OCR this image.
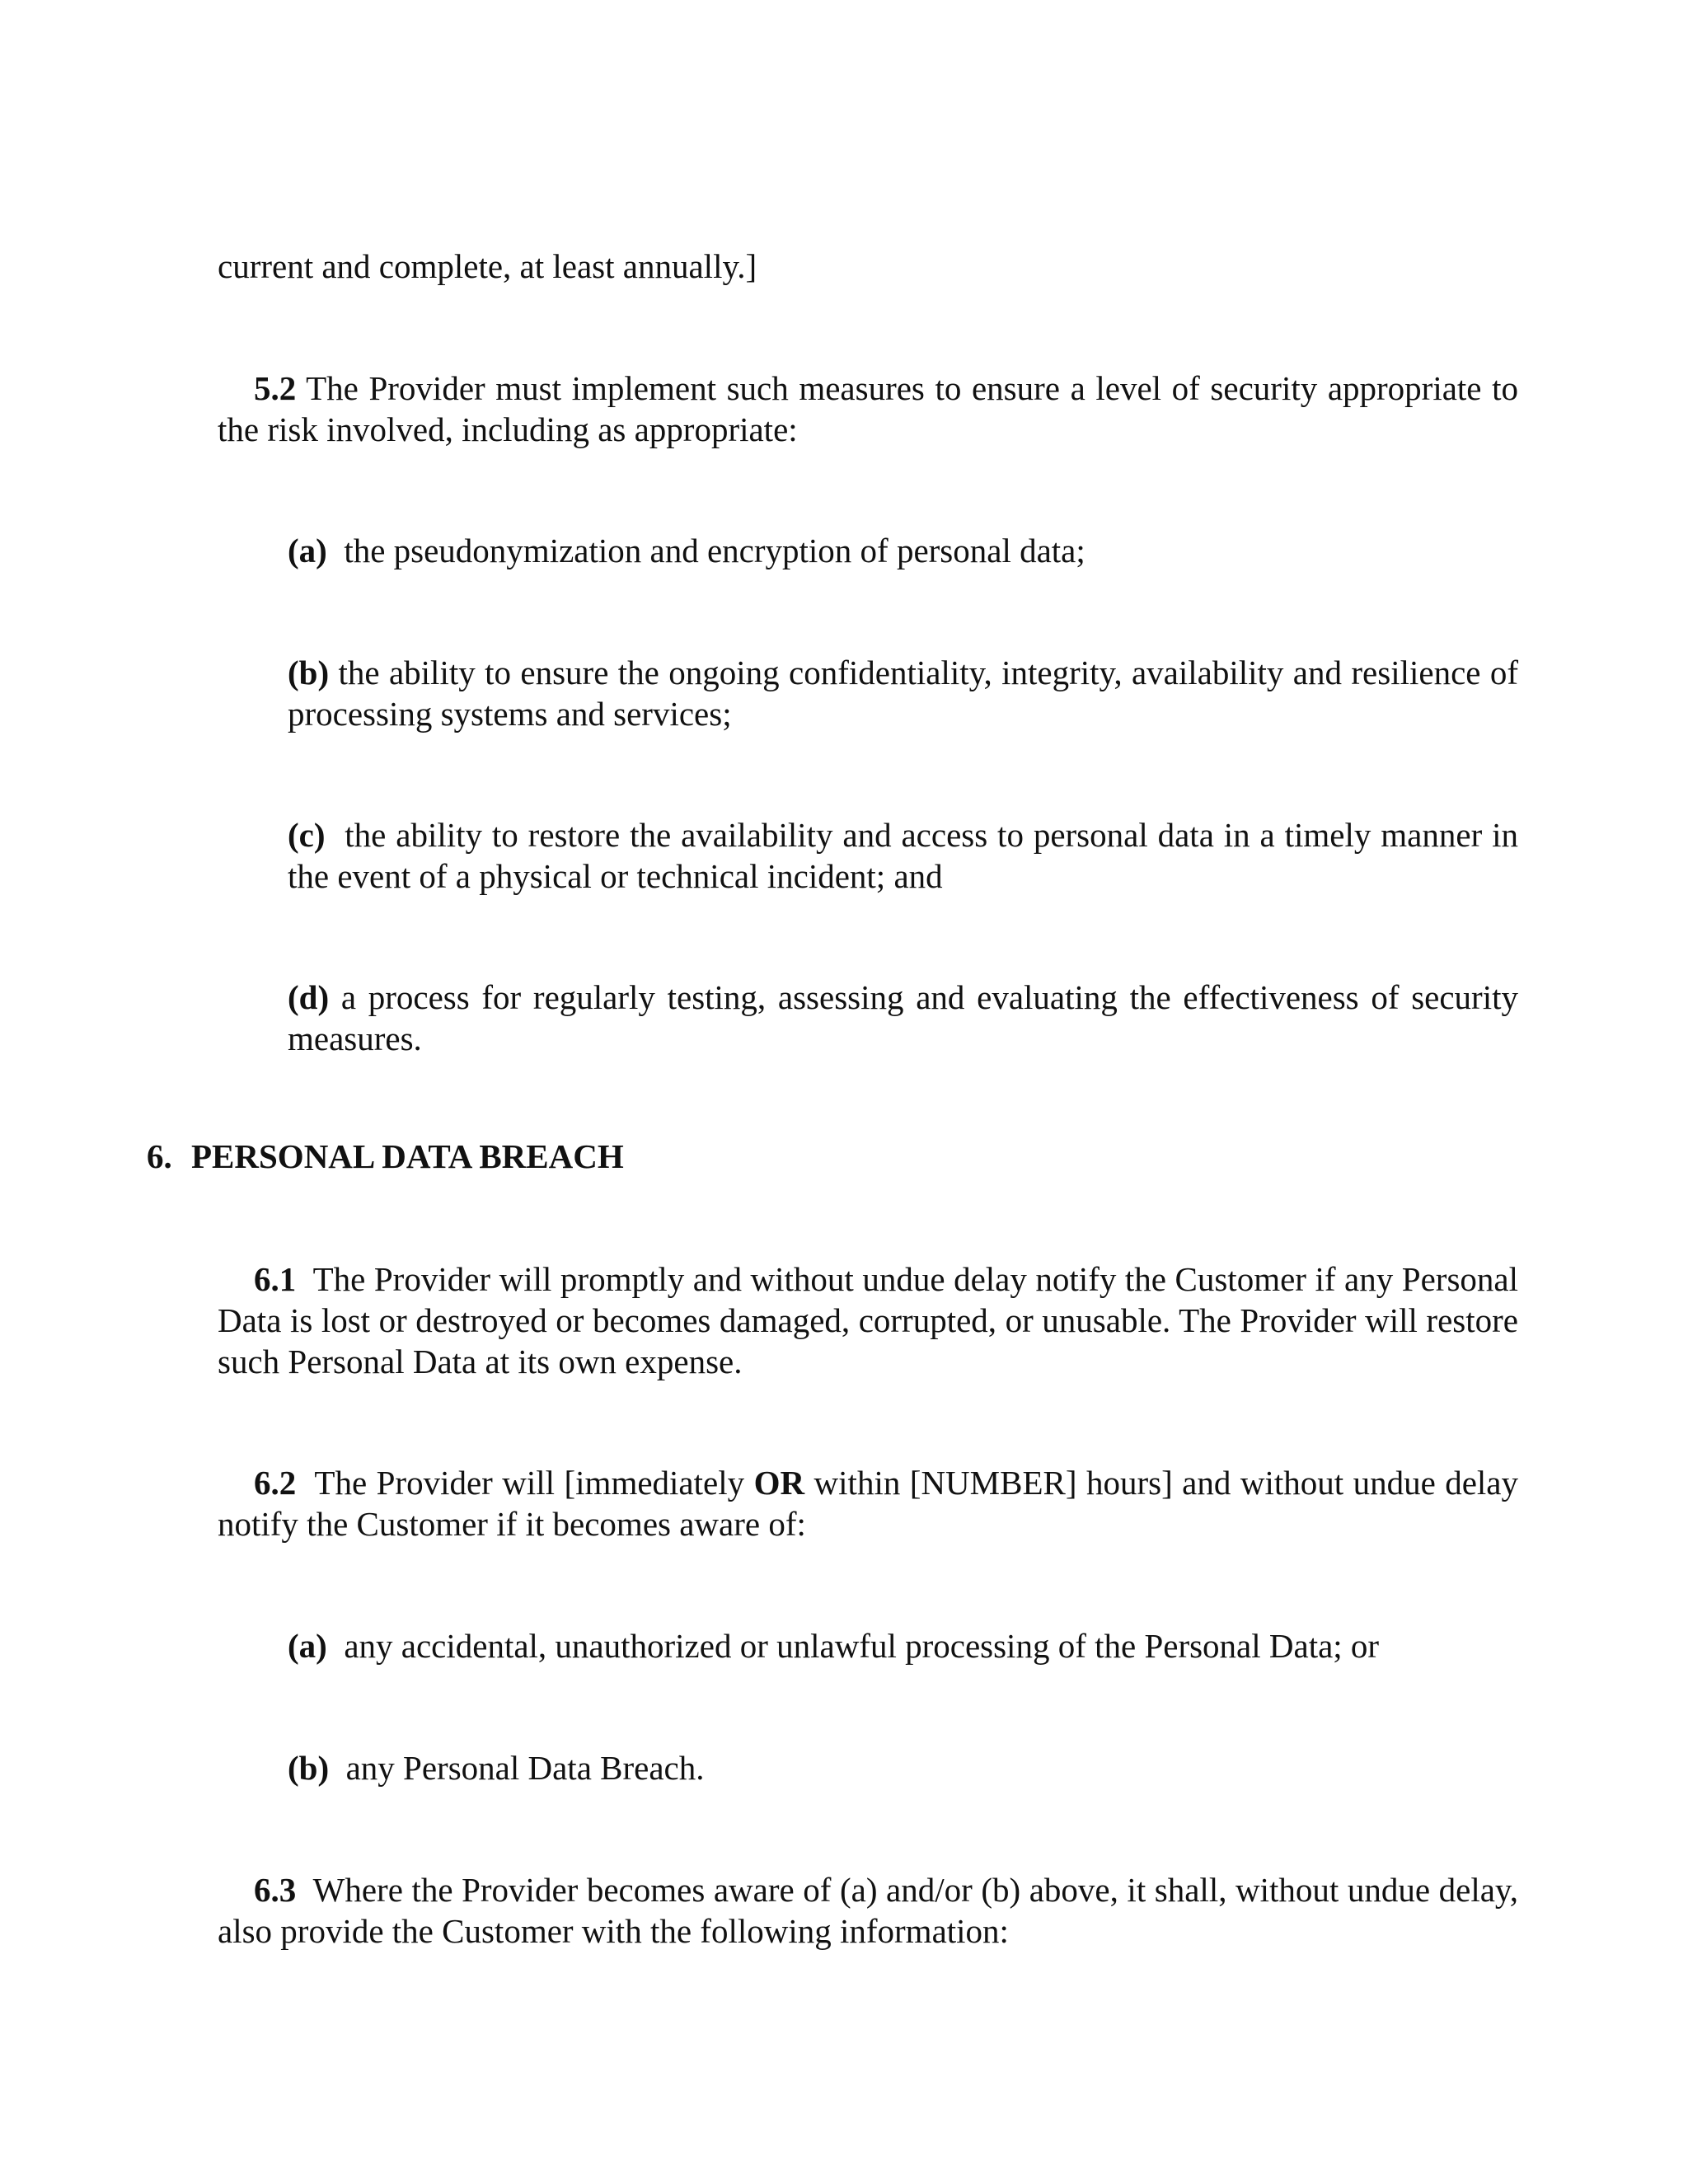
current and complete, at least annually.]

5.2 The Provider must implement such measures to ensure a level of security appropriate to the risk involved, including as appropriate:

(a) the pseudonymization and encryption of personal data;

(b) the ability to ensure the ongoing confidentiality, integrity, availability and resilience of processing systems and services;

(c) the ability to restore the availability and access to personal data in a timely manner in the event of a physical or technical incident; and

(d) a process for regularly testing, assessing and evaluating the effectiveness of security measures.

6. PERSONAL DATA BREACH

6.1 The Provider will promptly and without undue delay notify the Customer if any Personal Data is lost or destroyed or becomes damaged, corrupted, or unusable. The Provider will restore such Personal Data at its own expense.

6.2 The Provider will [immediately OR within [NUMBER] hours] and without undue delay notify the Customer if it becomes aware of:

(a) any accidental, unauthorized or unlawful processing of the Personal Data; or

(b) any Personal Data Breach.

6.3 Where the Provider becomes aware of (a) and/or (b) above, it shall, without undue delay, also provide the Customer with the following information:
